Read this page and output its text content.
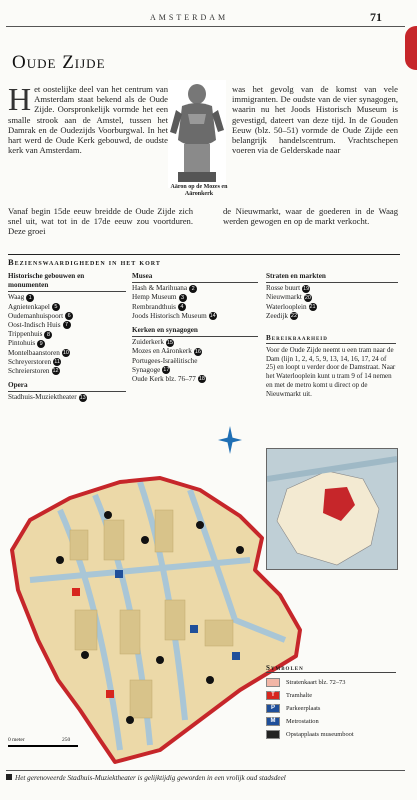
AMSTERDAM	71
Oude Zijde
Het oostelijke deel van het centrum van Amsterdam staat bekend als de Oude Zijde. Oorspronkelijk vormde het een smalle strook aan de Amstel, tussen het Damrak en de Oudezijds Voorburgwal. In het hart werd de Oude Kerk gebouwd, de oudste kerk van Amsterdam.
Aäron op de Mozes en Aäronkerk
was het gevolg van de komst van vele immigranten. De oudste van de vier synagogen, waarin nu het Joods Historisch Museum is gevestigd, dateert van deze tijd. In de Gouden Eeuw (blz. 50–51) vormde de Oude Zijde een belangrijk handelscentrum. Vrachtschepen voeren via de Gelderskade naar
Vanaf begin 15de eeuw breidde de Oude Zijde zich snel uit, wat tot in de 17de eeuw zou voortduren. Deze groei
de Nieuwmarkt, waar de goederen in de Waag werden gewogen en op de markt verkocht.
Bezienswaardigheden in het kort
Historische gebouwen en monumenten
Waag 1
Agnietenkapel 5
Oudemanhuispoort 6
Oost-Indisch Huis 7
Trippenhuis 8
Pintohuis 9
Montelbaanstoren 10
Schreyerstoren 11
Schreierstoren 12
Opera
Stadhuis-Muziektheater 13
Musea
Hash & Marihuana 2
Hemp Museum 3
Rembrandthuis 4
Joods Historisch Museum 14
Kerken en synagogen
Zuiderkerk 15
Mozes en Aäronkerk 16
Portugees-Israëlitische
Synagoge 17
Oude Kerk blz. 76–77 18
Straten en markten
Rosse buurt 19
Nieuwmarkt 20
Waterlooplein 21
Zeedijk 22
Bereikbaarheid
Voor de Oude Zijde neemt u een tram naar de Dam (lijn 1, 2, 4, 5, 9, 13, 14, 16, 17, 24 of 25) en loopt u verder door de Damstraat. Naar het Waterlooplein kunt u tram 9 of 14 nemen en met de metro komt u direct op de Nieuwmarkt uit.
Symbolen
Stratenkaart blz. 72–73
T	Tramhalte
P	Parkeerplaats
M	Metrostation
Opstapplaats museumboot
0 meter	250
Het gerenoveerde Stadhuis-Muziektheater is gelijktijdig geworden in een vrolijk oud stadsdeel
